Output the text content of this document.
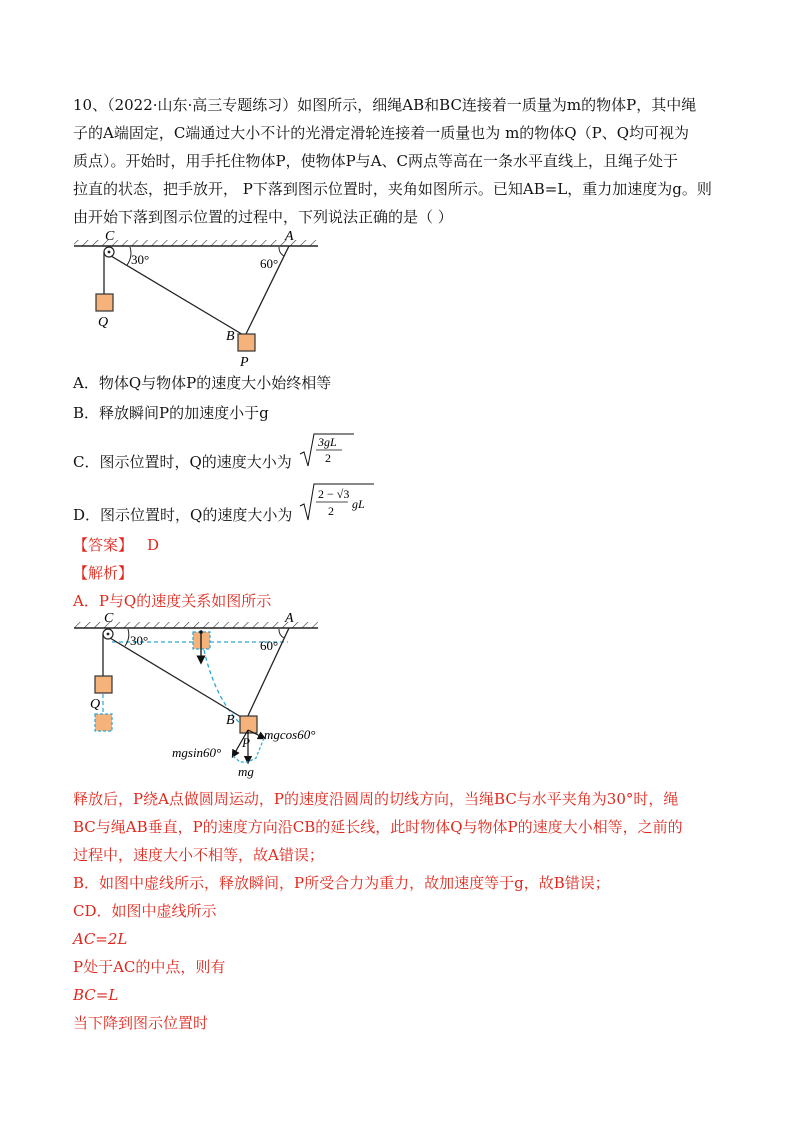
10、（2022·山东·高三专题练习）如图所示，细绳AB和BC连接着一质量为m的物体P，其中绳
子的A端固定，C端通过大小不计的光滑定滑轮连接着一质量也为 m的物体Q（P、Q均可视为
质点）。开始时，用手托住物体P，使物体P与A、C两点等高在一条水平直线上，且绳子处于
拉直的状态，把手放开， P下落到图示位置时，夹角如图所示。已知AB=L，重力加速度为g。则
由开始下落到图示位置的过程中，下列说法正确的是（ ）
C	A
30°	60°
Q
B
P
A．物体Q与物体P的速度大小始终相等
B．释放瞬间P的加速度小于g
C．图示位置时，Q的速度大小为
3gL
2
D．图示位置时，Q的速度大小为
2 − √3
2 gL
【答案】 D
【解析】
A．P与Q的速度关系如图所示
C	A
30°	60°
Q
B
P
mgsin60°
mgcos60°
mg
释放后，P绕A点做圆周运动，P的速度沿圆周的切线方向，当绳BC与水平夹角为30°时，绳
BC与绳AB垂直，P的速度方向沿CB的延长线，此时物体Q与物体P的速度大小相等，之前的
过程中，速度大小不相等，故A错误；
B．如图中虚线所示，释放瞬间，P所受合力为重力，故加速度等于g，故B错误；
CD．如图中虚线所示
AC=2L
P处于AC的中点，则有
BC=L
当下降到图示位置时
